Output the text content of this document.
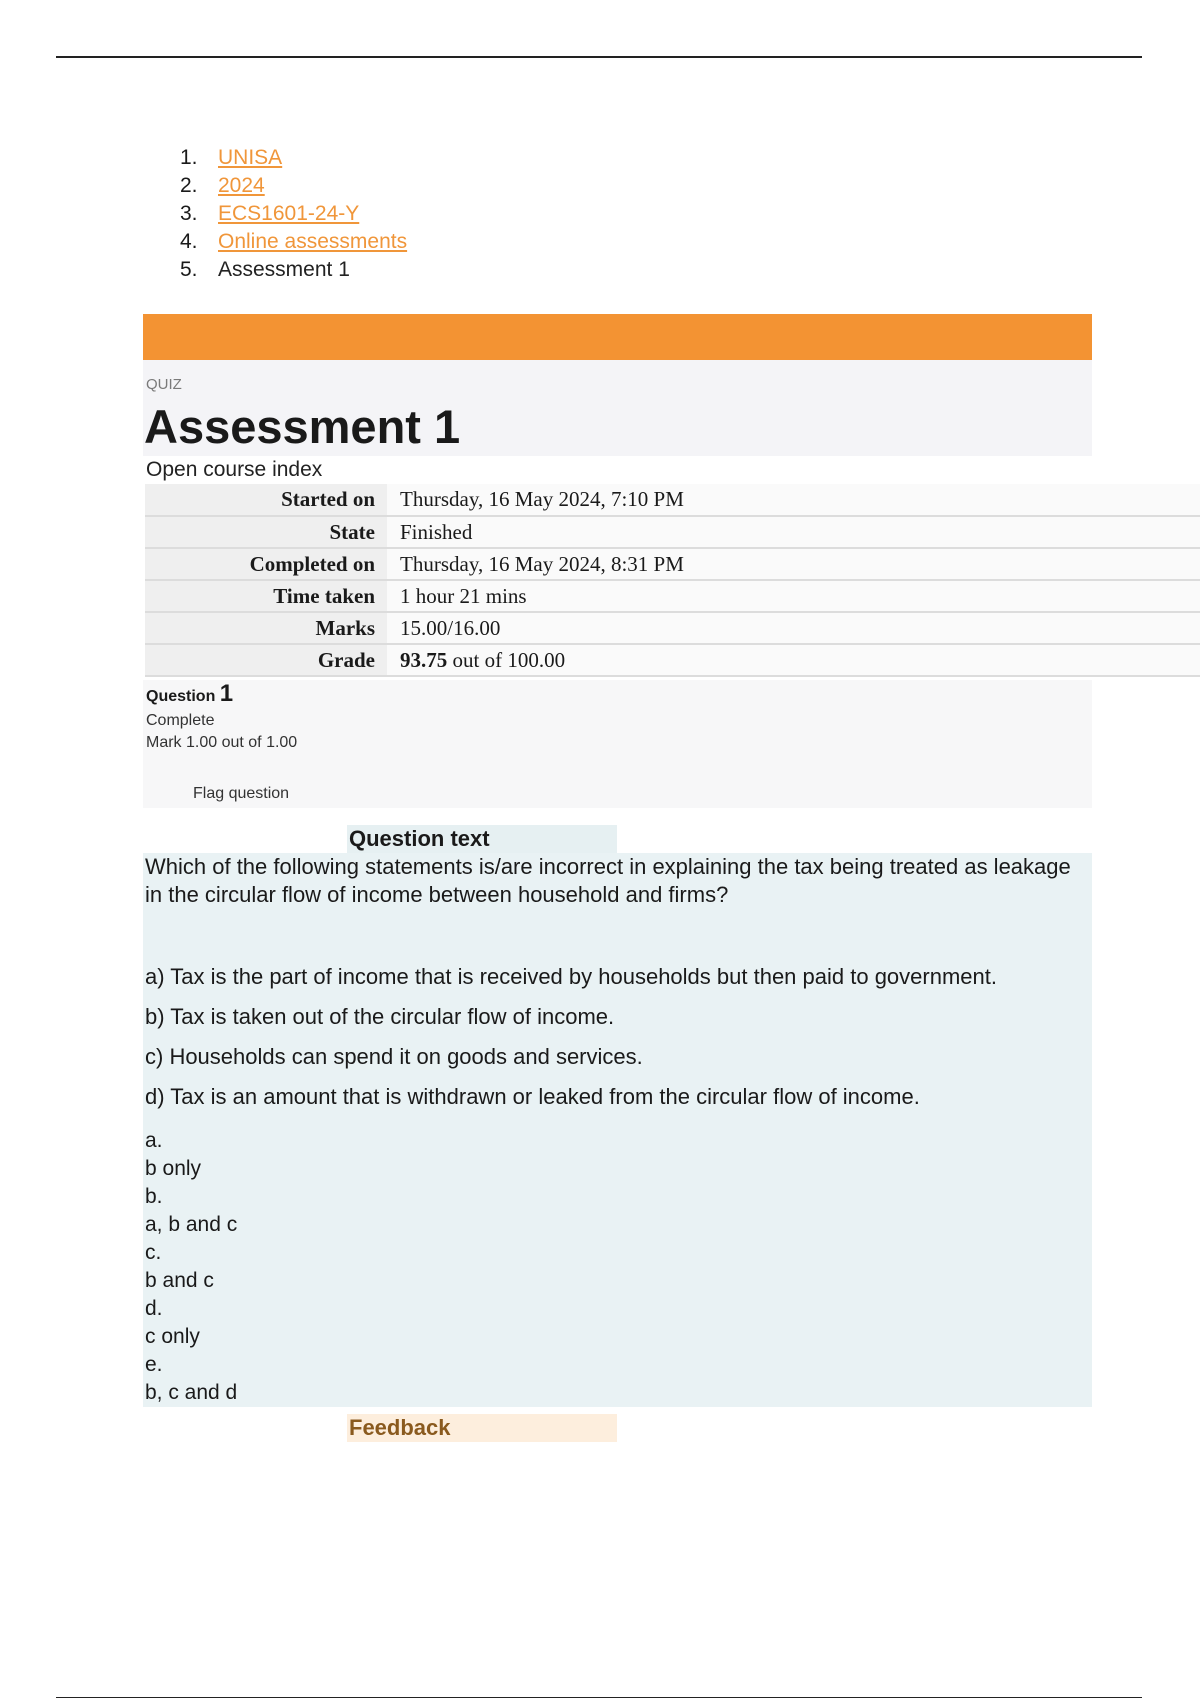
1. UNISA
2. 2024
3. ECS1601-24-Y
4. Online assessments
5. Assessment 1
QUIZ
Assessment 1
Open course index
Started on	Thursday, 16 May 2024, 7:10 PM
State	Finished
Completed on	Thursday, 16 May 2024, 8:31 PM
Time taken	1 hour 21 mins
Marks	15.00/16.00
Grade	93.75 out of 100.00
Question 1
Complete
Mark 1.00 out of 1.00
Flag question
Question text
Which of the following statements is/are incorrect in explaining the tax being treated as leakage in the circular flow of income between household and firms?
a) Tax is the part of income that is received by households but then paid to government.
b) Tax is taken out of the circular flow of income.
c) Households can spend it on goods and services.
d) Tax is an amount that is withdrawn or leaked from the circular flow of income.
a.
b only
b.
a, b and c
c.
b and c
d.
c only
e.
b, c and d
Feedback
